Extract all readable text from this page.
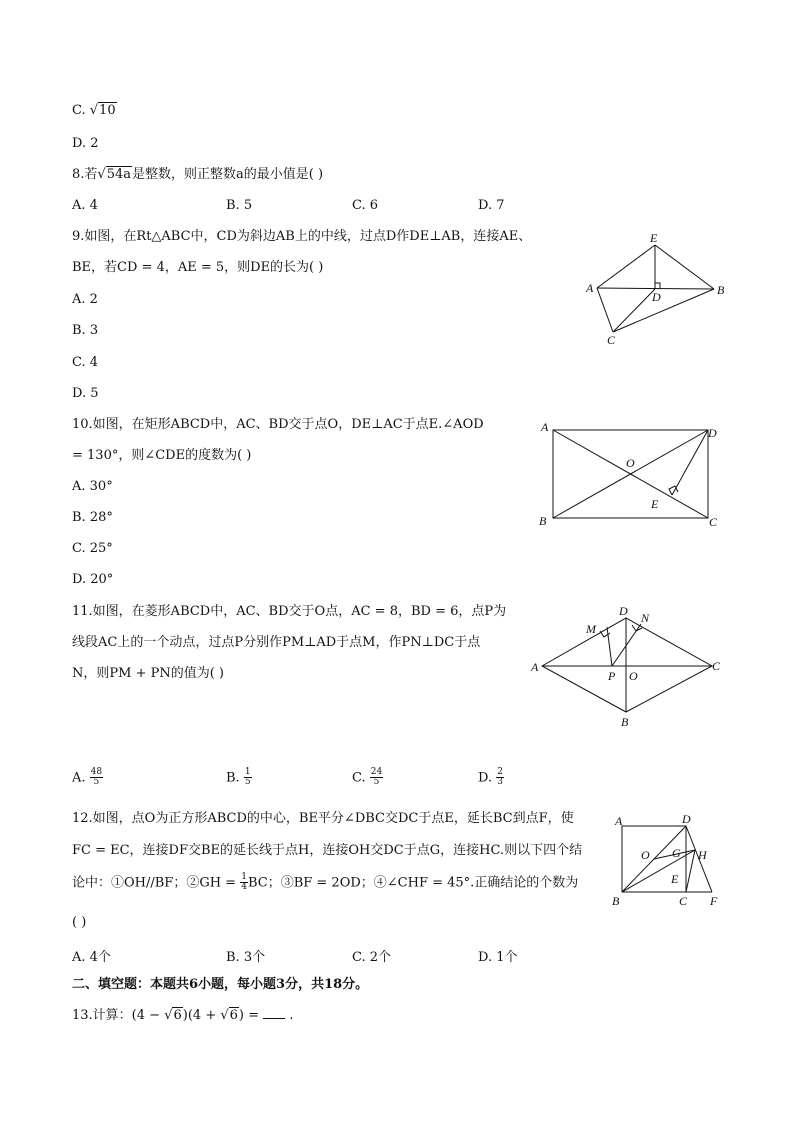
C. √10
D. 2
8.若√54a是整数，则正整数a的最小值是( )
A. 4	B. 5	C. 6	D. 7
9.如图，在Rt△ABC中，CD为斜边AB上的中线，过点D作DE⊥AB，连接AE、
BE，若CD = 4，AE = 5，则DE的长为( )
A. 2
B. 3
C. 4
D. 5
A	B
C
D
E
10.如图，在矩形ABCD中，AC、BD交于点O，DE⊥AC于点E.∠AOD
= 130°，则∠CDE的度数为( )
A. 30°
B. 28°
C. 25°
D. 20°
A
B	C
D
E
O
11.如图，在菱形ABCD中，AC、BD交于O点，AC = 8，BD = 6，点P为
线段AC上的一个动点，过点P分别作PM⊥AD于点M，作PN⊥DC于点
N，则PM + PN的值为( )
A. $\frac{48}{5}$	B. $\frac{1}{5}$	C. $\frac{24}{5}$	D. $\frac{2}{3}$
A
B
C
D
M
N
P O
12.如图，点O为正方形ABCD的中心，BE平分∠DBC交DC于点E，延长BC到点F，使
FC = EC，连接DF交BE的延长线于点H，连接OH交DC于点G，连接HC.则以下四个结
论中：①OH//BF；②GH = $\frac{1}{4}$ BC；③BF = 2OD；④∠CHF = 45°.正确结论的个数为
( )
A. 4个	B. 3个	C. 2个	D. 1个
A
B	C
D
E
F
G H
O
二、填空题：本题共6小题，每小题3分，共18分。
13.计算：(4 − √6)(4 + √6) =  .
